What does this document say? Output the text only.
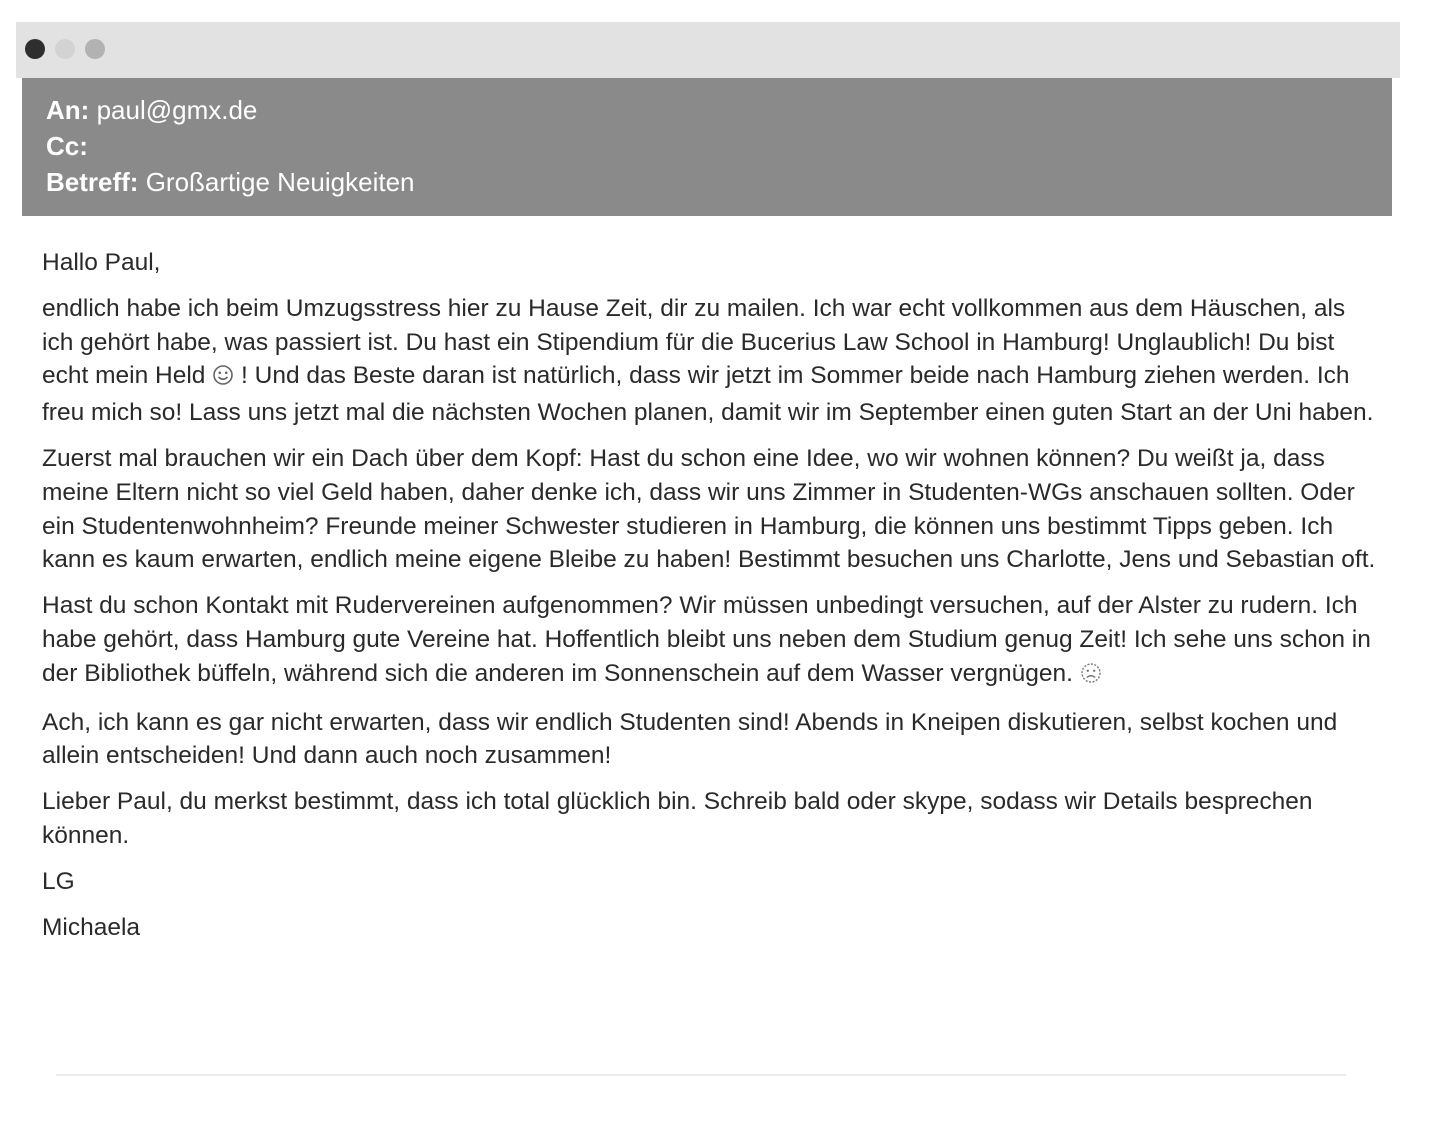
An: paul@gmx.de
Cc:
Betreff: Großartige Neuigkeiten

Hallo Paul,

endlich habe ich beim Umzugsstress hier zu Hause Zeit, dir zu mailen. Ich war echt vollkommen aus dem Häuschen, als ich gehört habe, was passiert ist. Du hast ein Stipendium für die Bucerius Law School in Hamburg! Unglaublich! Du bist echt mein Held ! Und das Beste daran ist natürlich, dass wir jetzt im Sommer beide nach Hamburg ziehen werden. Ich freu mich so! Lass uns jetzt mal die nächsten Wochen planen, damit wir im September einen guten Start an der Uni haben.

Zuerst mal brauchen wir ein Dach über dem Kopf: Hast du schon eine Idee, wo wir wohnen können? Du weißt ja, dass meine Eltern nicht so viel Geld haben, daher denke ich, dass wir uns Zimmer in Studenten-WGs anschauen sollten. Oder ein Studentenwohnheim? Freunde meiner Schwester studieren in Hamburg, die können uns bestimmt Tipps geben. Ich kann es kaum erwarten, endlich meine eigene Bleibe zu haben! Bestimmt besuchen uns Charlotte, Jens und Sebastian oft.

Hast du schon Kontakt mit Rudervereinen aufgenommen? Wir müssen unbedingt versuchen, auf der Alster zu rudern. Ich habe gehört, dass Hamburg gute Vereine hat. Hoffentlich bleibt uns neben dem Studium genug Zeit! Ich sehe uns schon in der Bibliothek büffeln, während sich die anderen im Sonnenschein auf dem Wasser vergnügen.

Ach, ich kann es gar nicht erwarten, dass wir endlich Studenten sind! Abends in Kneipen diskutieren, selbst kochen und allein entscheiden! Und dann auch noch zusammen!

Lieber Paul, du merkst bestimmt, dass ich total glücklich bin. Schreib bald oder skype, sodass wir Details besprechen können.

LG

Michaela
